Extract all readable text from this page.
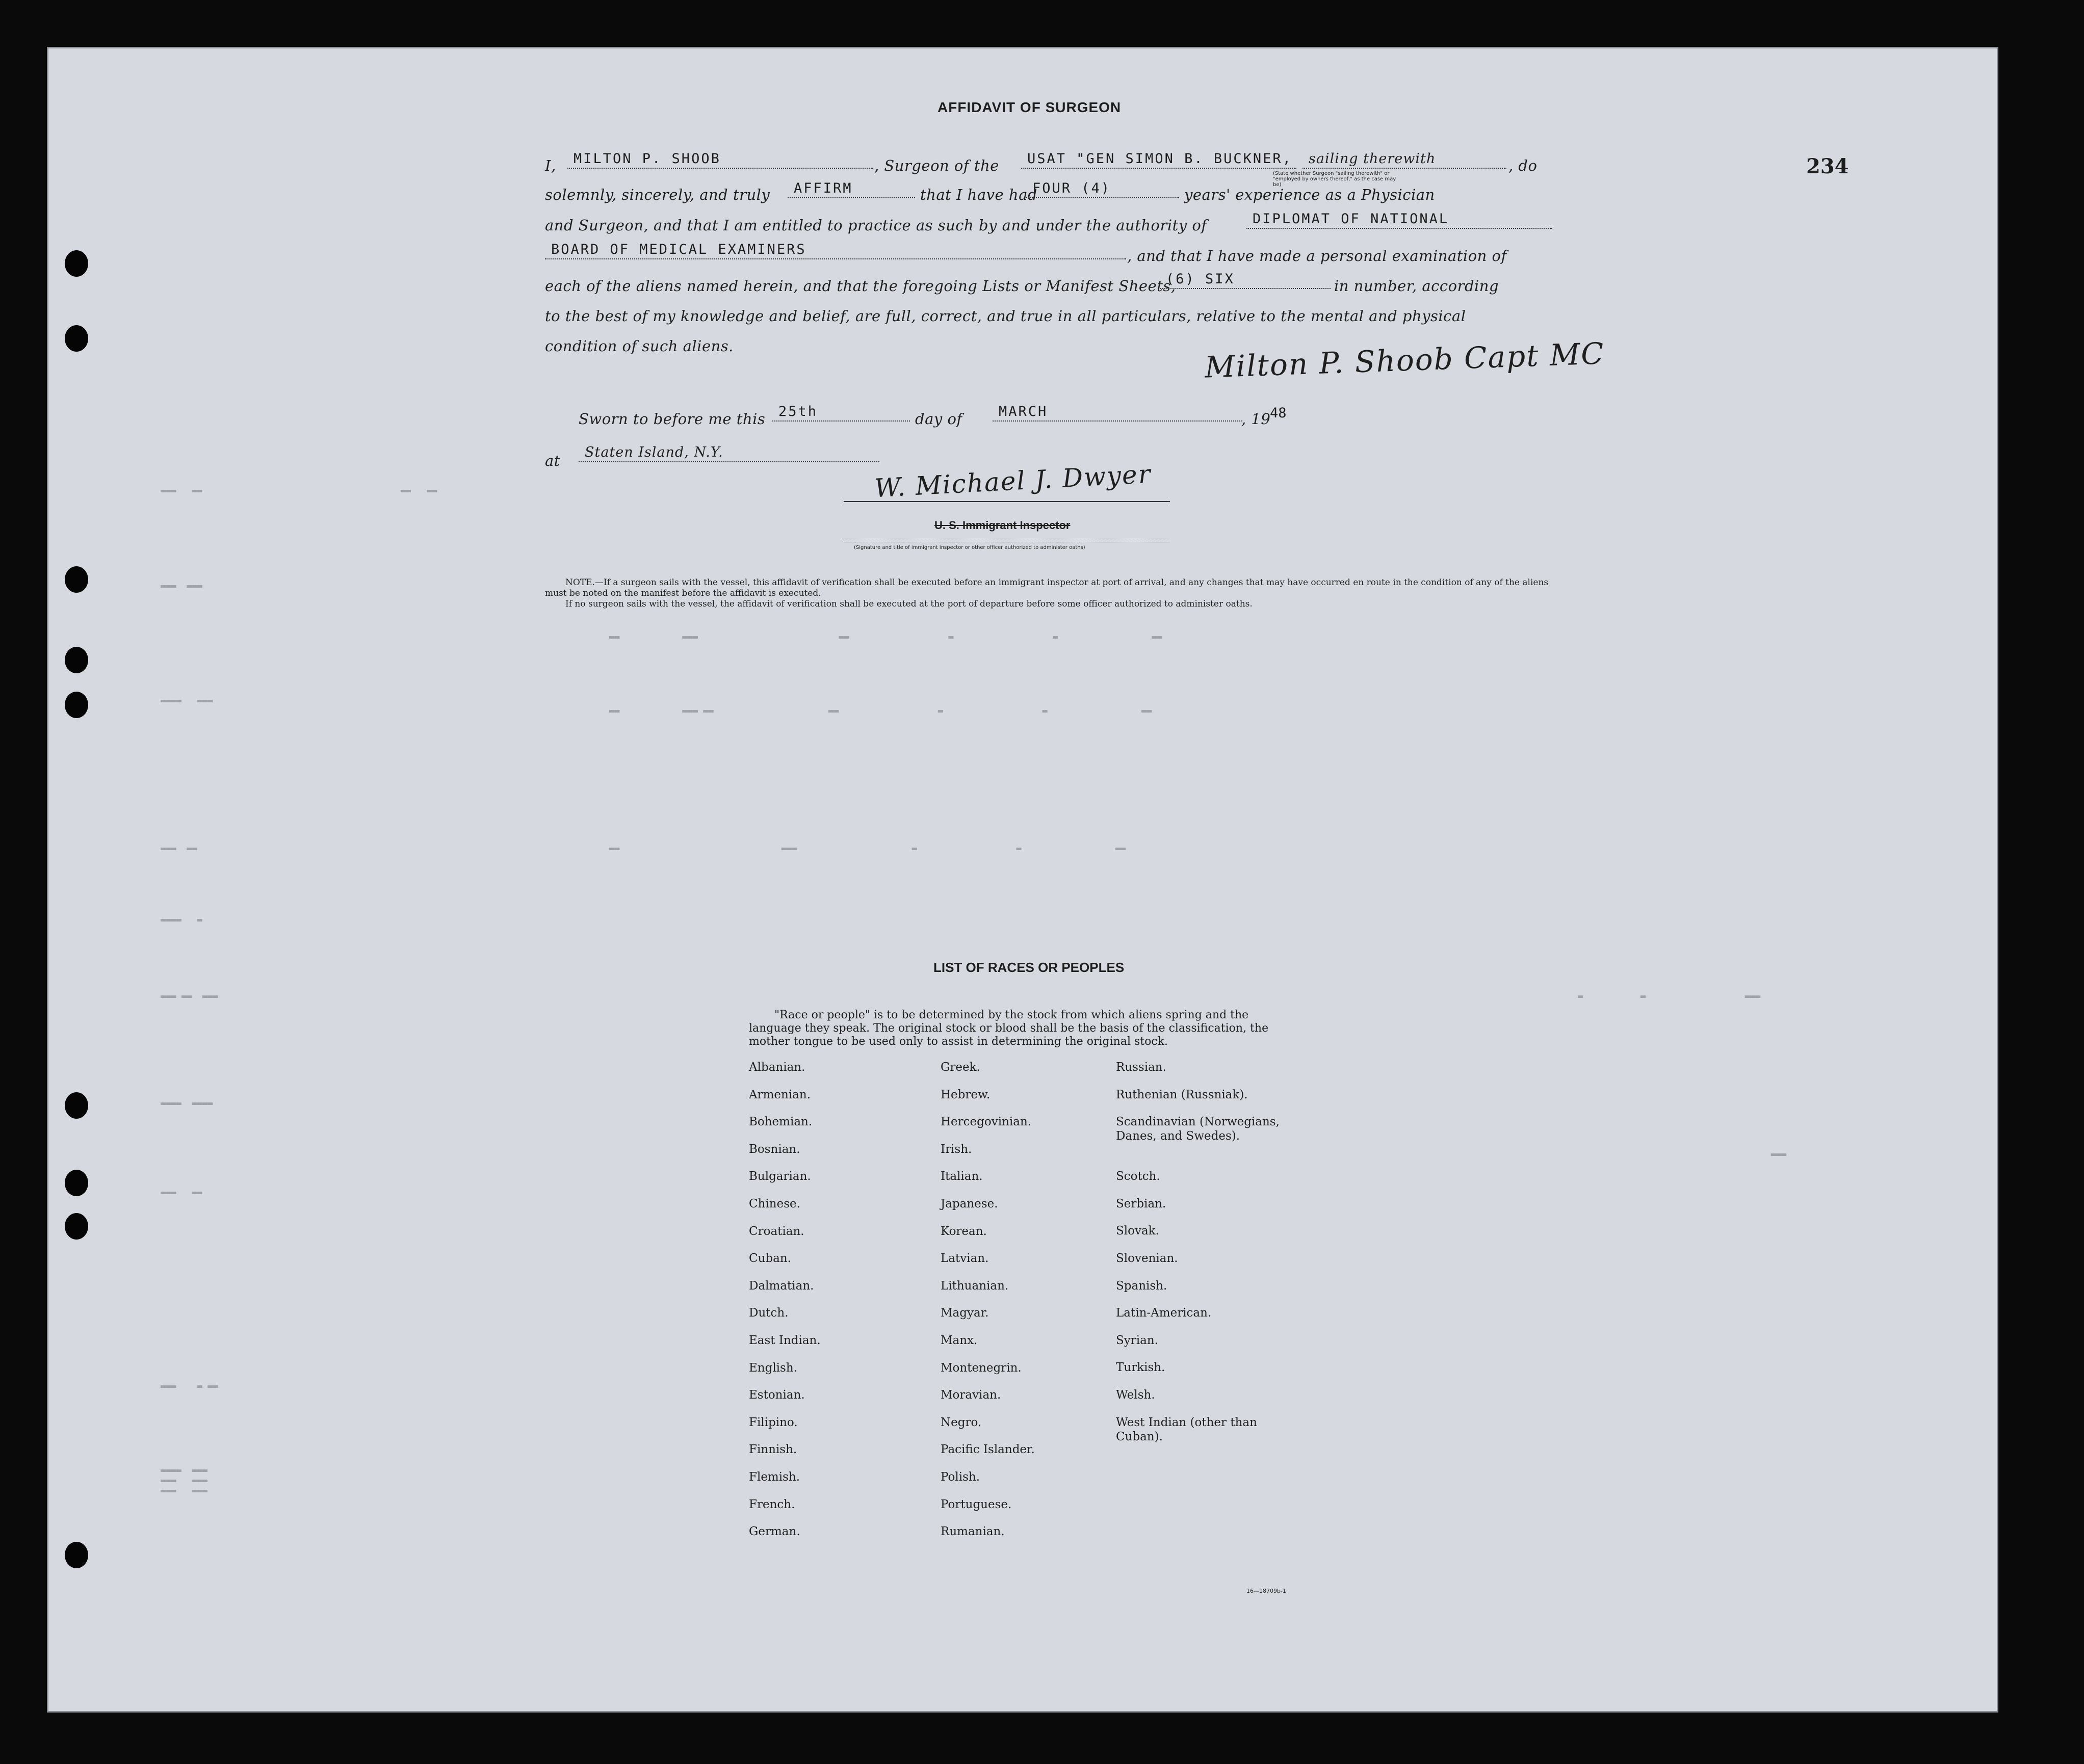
▬▬▬   ▬▬                                      ▬▬   ▬▬
▬▬▬  ▬▬▬
▬▬▬▬   ▬▬▬
▬▬▬  ▬▬
▬▬▬▬   ▬
▬▬▬ ▬▬  ▬▬▬
▬▬▬▬  ▬▬▬▬
▬▬▬   ▬▬
▬▬▬    ▬ ▬▬
▬▬▬▬  ▬▬▬
▬▬▬   ▬▬▬
▬▬▬   ▬▬▬
▬▬            ▬▬▬                           ▬▬                   ▬                   ▬                  ▬▬
▬▬            ▬▬▬ ▬▬                      ▬▬                   ▬                   ▬                  ▬▬
▬▬                               ▬▬▬                      ▬                   ▬                  ▬▬
▬           ▬                   ▬▬▬
▬▬▬
234
AFFIDAVIT OF SURGEON
I,	MILTON P. SHOOB	, Surgeon of the	USAT "GEN SIMON B. BUCKNER,	sailing therewith	, do
(State whether Surgeon "sailing therewith" or "employed by owners thereof," as the case may be)
solemnly, sincerely, and truly	AFFIRM	that I have had
FOUR (4)	years' experience as a Physician
and Surgeon, and that I am entitled to practice as such by and under the authority of	DIPLOMAT OF NATIONAL
BOARD OF MEDICAL EXAMINERS	, and that I have made a personal examination of
each of the aliens named herein, and that the foregoing Lists or Manifest Sheets,
(6) SIX	in number, according
to the best of my knowledge and belief, are full, correct, and true in all particulars, relative to the mental and physical
condition of such aliens.	Milton P. Shoob Capt MC
Sworn to before me this 25th	day of	MARCH	, 19
48
at	Staten Island, N.Y.
W. Michael J. Dwyer
U. S. Immigrant Inspector
(Signature and title of immigrant inspector or other officer authorized to administer oaths)
NOTE.—If a surgeon sails with the vessel, this affidavit of verification shall be executed before an immigrant inspector at port of arrival, and any changes that may have occurred en route in the condition of any of the aliens must be noted on the manifest before the affidavit is executed.
If no surgeon sails with the vessel, the affidavit of verification shall be executed at the port of departure before some officer authorized to administer oaths.
LIST OF RACES OR PEOPLES
"Race or people" is to be determined by the stock from which aliens spring and the language they speak. The original stock or blood shall be the basis of the classification, the mother tongue to be used only to assist in determining the original stock.
Albanian.
Armenian.
Bohemian.
Bosnian.
Bulgarian.
Chinese.
Croatian.
Cuban.
Dalmatian.
Dutch.
East Indian.
English.
Estonian.
Filipino.
Finnish.
Flemish.
French.
German.
Greek.
Hebrew.
Hercegovinian.
Irish.
Italian.
Japanese.
Korean.
Latvian.
Lithuanian.
Magyar.
Manx.
Montenegrin.
Moravian.
Negro.
Pacific Islander.
Polish.
Portuguese.
Rumanian.
Russian.
Ruthenian (Russniak).
Scandinavian (Norwegians, Danes, and Swedes).
Scotch.
Serbian.
Slovak.
Slovenian.
Spanish.
Latin-American.
Syrian.
Turkish.
Welsh.
West Indian (other than Cuban).
16—18709b-1
